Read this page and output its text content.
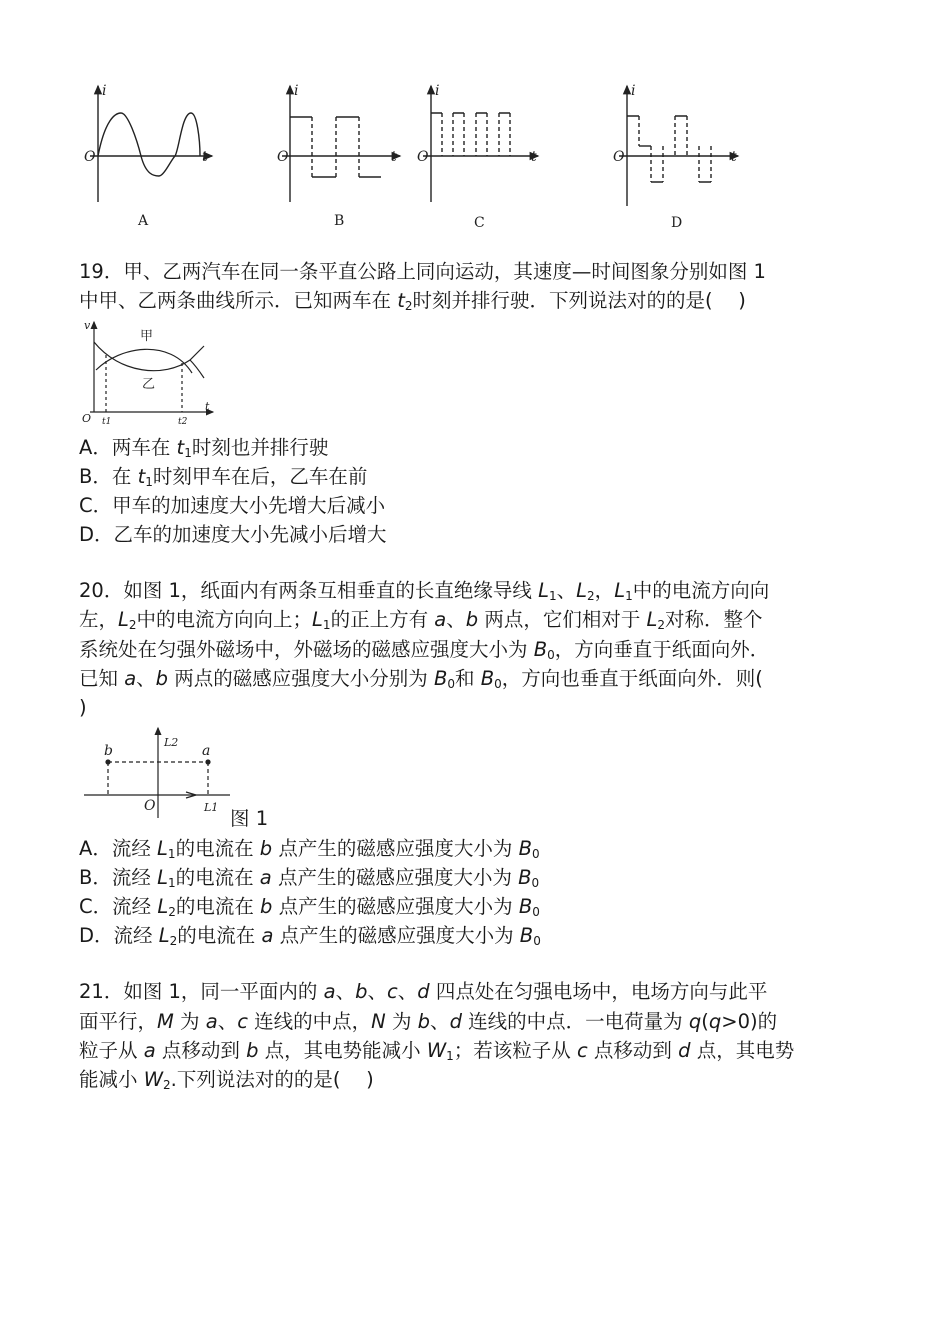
i
t
O
i
t
O
i
t
O
i
t
O
A	B	C	D
19．甲、乙两汽车在同一条平直公路上同向运动，其速度—时间图象分别如图 1
中甲、乙两条曲线所示．已知两车在 $t_2$时刻并排行驶．下列说法对的的是(　 )
v
t
O
甲
乙
t1	t2
A．两车在 $t_1$时刻也并排行驶
B．在 $t_1$时刻甲车在后，乙车在前
C．甲车的加速度大小先增大后减小
D．乙车的加速度大小先减小后增大
20．如图 1，纸面内有两条互相垂直的长直绝缘导线 $L_1$、$L_2$，$L_1$中的电流方向向
左，$L_2$中的电流方向向上；$L_1$的正上方有 a、b 两点，它们相对于 $L_2$对称．整个
系统处在匀强外磁场中，外磁场的磁感应强度大小为 $B_0$，方向垂直于纸面向外．
已知 a、b 两点的磁感应强度大小分别为 $B_0$和 $B_0$，方向也垂直于纸面向外．则(
)
b	a
L2
L1
O
图 1
A．流经 $L_1$的电流在 b 点产生的磁感应强度大小为 $B_0$
B．流经 $L_1$的电流在 a 点产生的磁感应强度大小为 $B_0$
C．流经 $L_2$的电流在 b 点产生的磁感应强度大小为 $B_0$
D．流经 $L_2$的电流在 a 点产生的磁感应强度大小为 $B_0$
21．如图 1，同一平面内的 a、b、c、d 四点处在匀强电场中，电场方向与此平
面平行，M 为 a、c 连线的中点，N 为 b、d 连线的中点．一电荷量为 q(q>0)的
粒子从 a 点移动到 b 点，其电势能减小 $W_1$；若该粒子从 c 点移动到 d 点，其电势
能减小 $W_2$.下列说法对的的是(　 )
